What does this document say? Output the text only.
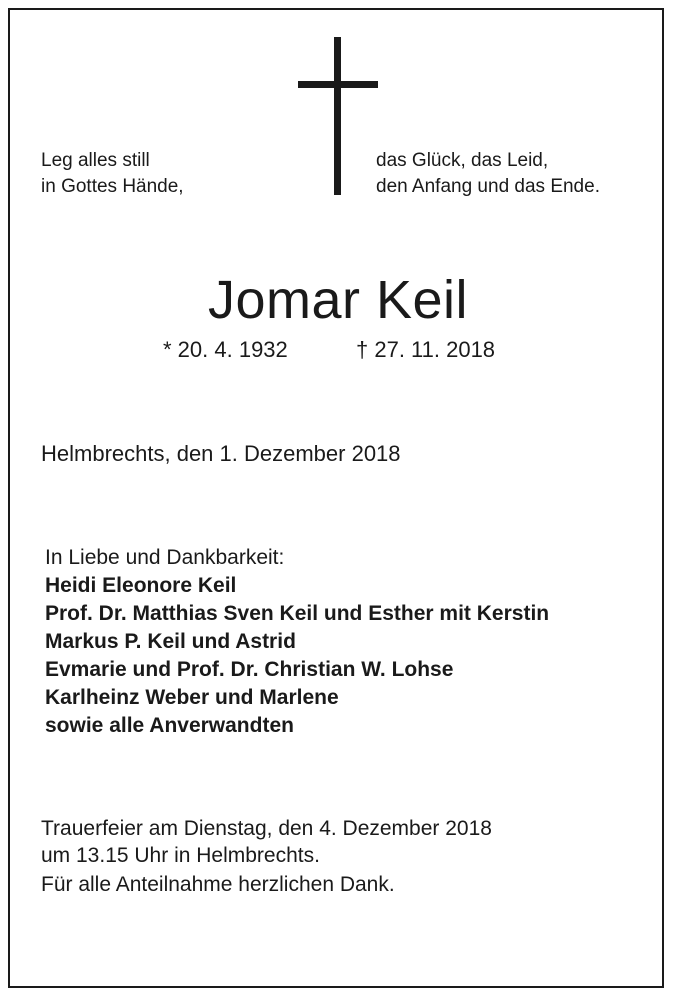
Leg alles still
in Gottes Hände,

das Glück, das Leid,
den Anfang und das Ende.

Jomar Keil

* 20. 4. 1932	† 27. 11. 2018

Helmbrechts, den 1. Dezember 2018

In Liebe und Dankbarkeit:

Heidi Eleonore Keil
Prof. Dr. Matthias Sven Keil und Esther mit Kerstin
Markus P. Keil und Astrid
Evmarie und Prof. Dr. Christian W. Lohse
Karlheinz Weber und Marlene
sowie alle Anverwandten

Trauerfeier am Dienstag, den 4. Dezember 2018
um 13.15 Uhr in Helmbrechts.

Für alle Anteilnahme herzlichen Dank.
